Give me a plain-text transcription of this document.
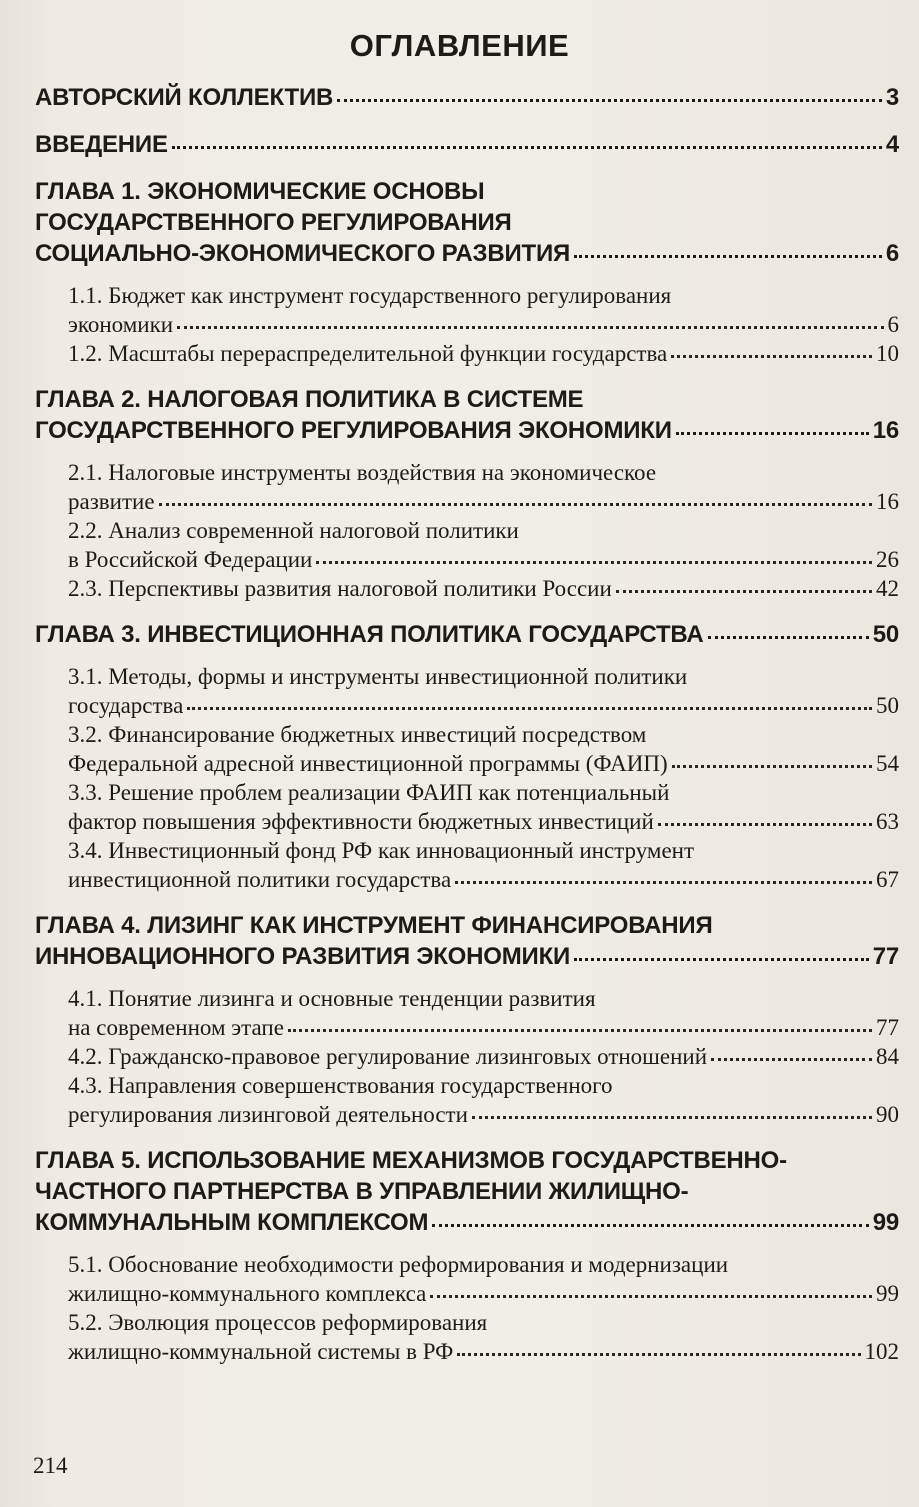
ОГЛАВЛЕНИЕ
АВТОРСКИЙ КОЛЛЕКТИВ	3
ВВЕДЕНИЕ	4
ГЛАВА 1. ЭКОНОМИЧЕСКИЕ ОСНОВЫ
ГОСУДАРСТВЕННОГО РЕГУЛИРОВАНИЯ
СОЦИАЛЬНО-ЭКОНОМИЧЕСКОГО РАЗВИТИЯ	6
1.1. Бюджет как инструмент государственного регулирования
экономики	6
1.2. Масштабы перераспределительной функции государства	10
ГЛАВА 2. НАЛОГОВАЯ ПОЛИТИКА В СИСТЕМЕ
ГОСУДАРСТВЕННОГО РЕГУЛИРОВАНИЯ ЭКОНОМИКИ	16
2.1. Налоговые инструменты воздействия на экономическое
развитие	16
2.2. Анализ современной налоговой политики
в Российской Федерации	26
2.3. Перспективы развития налоговой политики России	42
ГЛАВА 3. ИНВЕСТИЦИОННАЯ ПОЛИТИКА ГОСУДАРСТВА	50
3.1. Методы, формы и инструменты инвестиционной политики
государства	50
3.2. Финансирование бюджетных инвестиций посредством
Федеральной адресной инвестиционной программы (ФАИП)	54
3.3. Решение проблем реализации ФАИП как потенциальный
фактор повышения эффективности бюджетных инвестиций	63
3.4. Инвестиционный фонд РФ как инновационный инструмент
инвестиционной политики государства	67
ГЛАВА 4. ЛИЗИНГ КАК ИНСТРУМЕНТ ФИНАНСИРОВАНИЯ
ИННОВАЦИОННОГО РАЗВИТИЯ ЭКОНОМИКИ	77
4.1. Понятие лизинга и основные тенденции развития
на современном этапе	77
4.2. Гражданско-правовое регулирование лизинговых отношений	84
4.3. Направления совершенствования государственного
регулирования лизинговой деятельности	90
ГЛАВА 5. ИСПОЛЬЗОВАНИЕ МЕХАНИЗМОВ ГОСУДАРСТВЕННО-
ЧАСТНОГО ПАРТНЕРСТВА В УПРАВЛЕНИИ ЖИЛИЩНО-
КОММУНАЛЬНЫМ КОМПЛЕКСОМ	99
5.1. Обоснование необходимости реформирования и модернизации
жилищно-коммунального комплекса	99
5.2. Эволюция процессов реформирования
жилищно-коммунальной системы в РФ	102
214
